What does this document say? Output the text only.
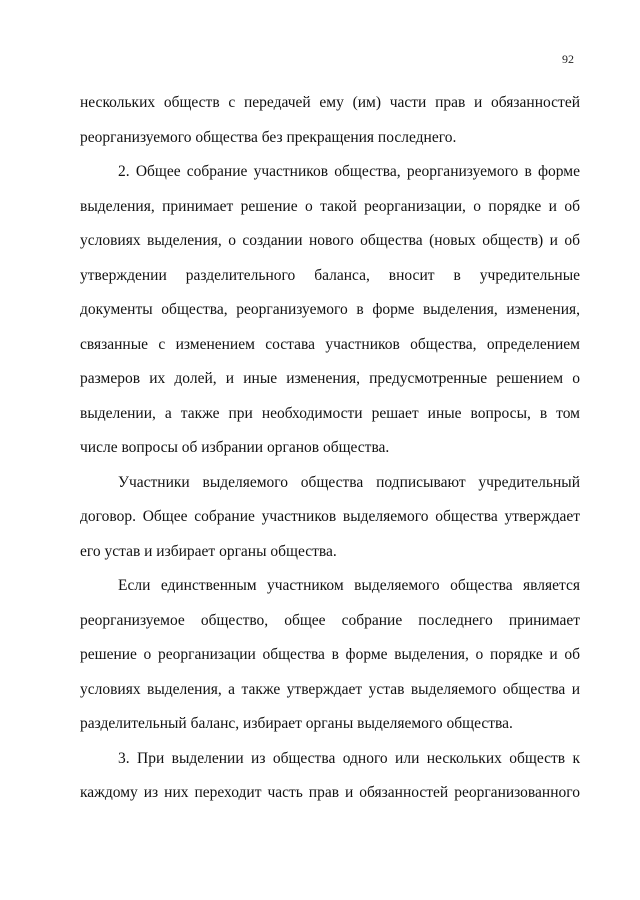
92

нескольких обществ с передачей ему (им) части прав и обязанностей
реорганизуемого общества без прекращения последнего.

2. Общее собрание участников общества, реорганизуемого в форме
выделения, принимает решение о такой реорганизации, о порядке и об
условиях выделения, о создании нового общества (новых обществ) и об
утверждении разделительного баланса, вносит в учредительные
документы общества, реорганизуемого в форме выделения, изменения,
связанные с изменением состава участников общества, определением
размеров их долей, и иные изменения, предусмотренные решением о
выделении, а также при необходимости решает иные вопросы, в том
числе вопросы об избрании органов общества.

Участники выделяемого общества подписывают учредительный
договор. Общее собрание участников выделяемого общества утверждает
его устав и избирает органы общества.

Если единственным участником выделяемого общества является
реорганизуемое общество, общее собрание последнего принимает
решение о реорганизации общества в форме выделения, о порядке и об
условиях выделения, а также утверждает устав выделяемого общества и
разделительный баланс, избирает органы выделяемого общества.

3. При выделении из общества одного или нескольких обществ к
каждому из них переходит часть прав и обязанностей реорганизованного
